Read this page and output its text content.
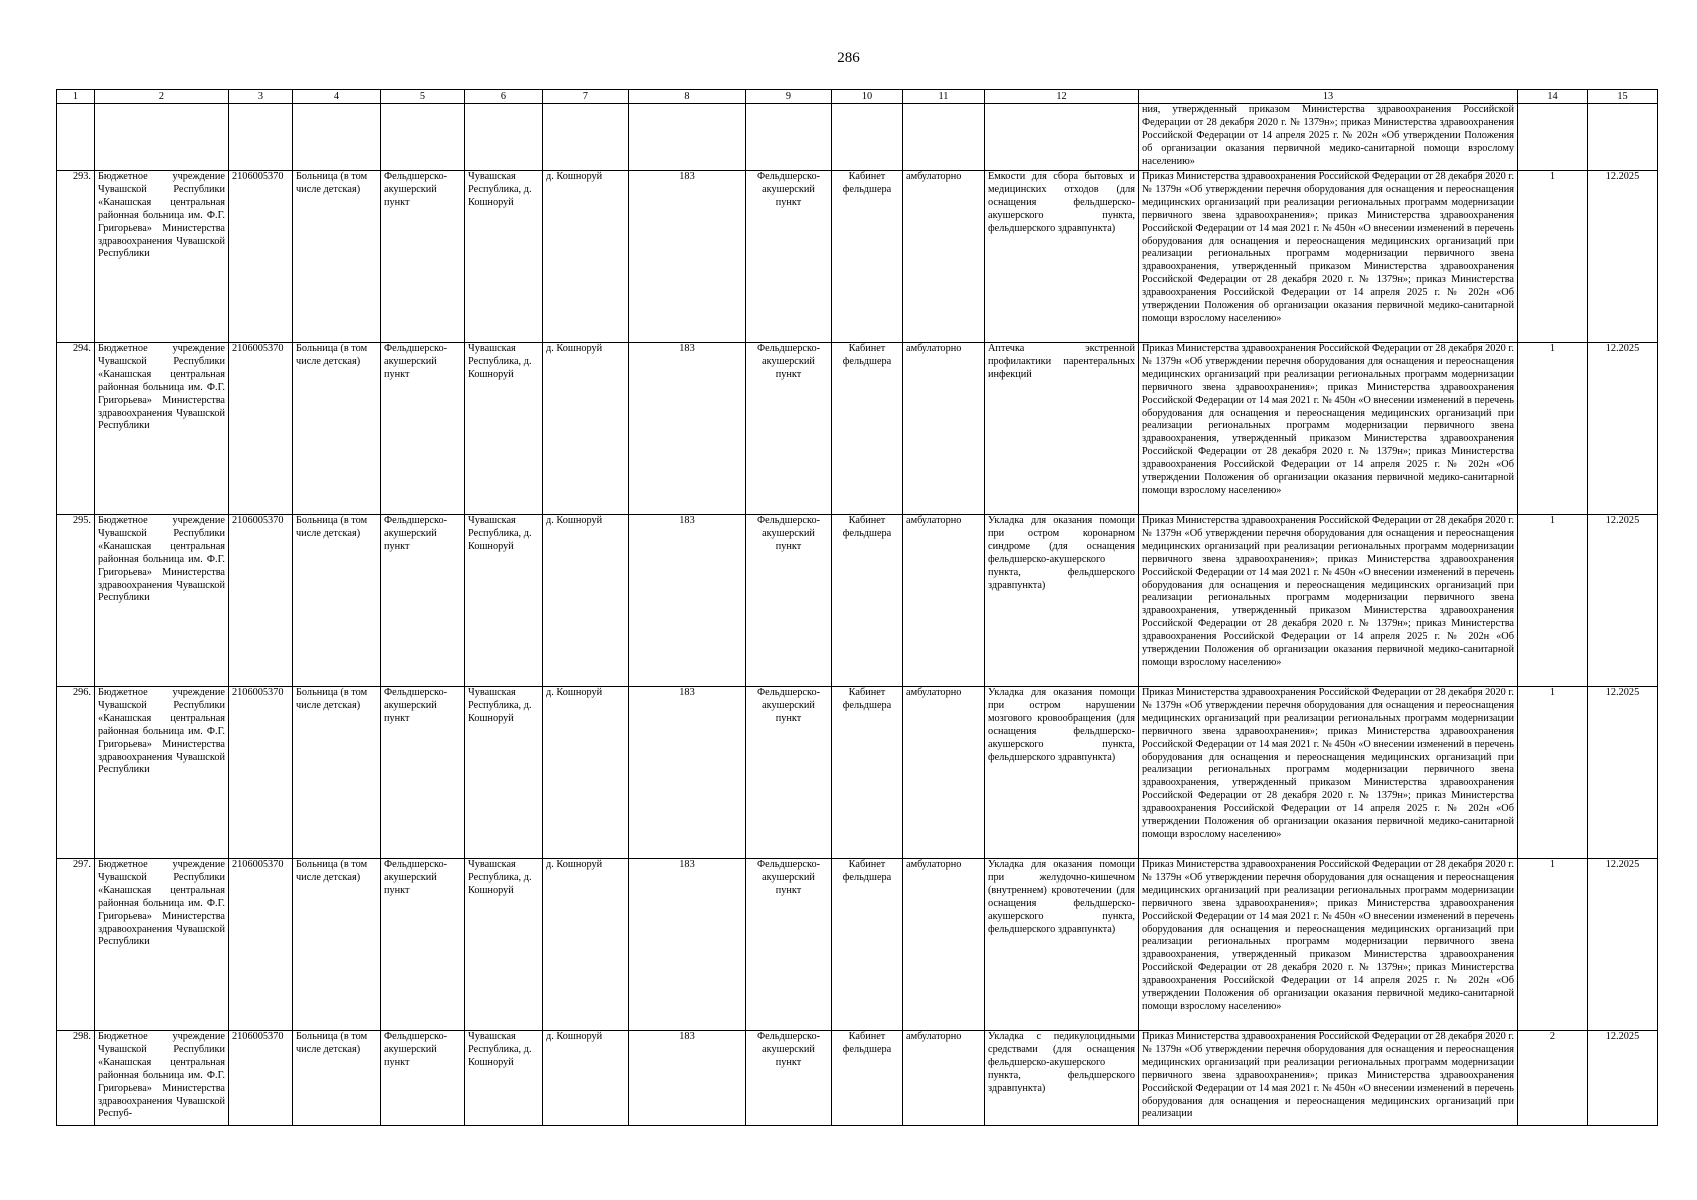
286
1	2	3	4	5	6	7	8	9	10	11	12	13	14	15
												ния, утвержденный приказом Министерства здравоохранения Российской Федерации от 28 декабря 2020 г. № 1379н»; приказ Министерства здравоохранения Российской Федерации от 14 апреля 2025 г. № 202н «Об утверждении Положения об организации оказания первичной медико-санитарной помощи взрослому населению»		
293.	Бюджетное учреждение Чувашской Республики «Канашская центральная районная больница им. Ф.Г. Григорьева» Министерства здравоохранения Чувашской Республики	2106005370	Больница (в том числе детская)	Фельдшерско-акушерский пункт	Чувашская Республика, д. Кошноруй	д. Кошноруй	183	Фельдшерско-акушерский пункт	Кабинет фельдшера	амбулаторно	Емкости для сбора бытовых и медицинских отходов (для оснащения фельдшерско-акушерского пункта, фельдшерского здравпункта)	Приказ Министерства здравоохранения Российской Федерации от 28 декабря 2020 г. № 1379н «Об утверждении перечня оборудования для оснащения и переоснащения медицинских организаций при реализации региональных программ модернизации первичного звена здравоохранения»; приказ Министерства здравоохранения Российской Федерации от 14 мая 2021 г. № 450н «О внесении изменений в перечень оборудования для оснащения и переоснащения медицинских организаций при реализации региональных программ модернизации первичного звена здравоохранения, утвержденный приказом Министерства здравоохранения Российской Федерации от 28 декабря 2020 г. № 1379н»; приказ Министерства здравоохранения Российской Федерации от 14 апреля 2025 г. № 202н «Об утверждении Положения об организации оказания первичной медико-санитарной помощи взрослому населению»	1	12.2025
294.	Бюджетное учреждение Чувашской Республики «Канашская центральная районная больница им. Ф.Г. Григорьева» Министерства здравоохранения Чувашской Республики	2106005370	Больница (в том числе детская)	Фельдшерско-акушерский пункт	Чувашская Республика, д. Кошноруй	д. Кошноруй	183	Фельдшерско-акушерский пункт	Кабинет фельдшера	амбулаторно	Аптечка экстренной профилактики парентеральных инфекций	Приказ Министерства здравоохранения Российской Федерации от 28 декабря 2020 г. № 1379н «Об утверждении перечня оборудования для оснащения и переоснащения медицинских организаций при реализации региональных программ модернизации первичного звена здравоохранения»; приказ Министерства здравоохранения Российской Федерации от 14 мая 2021 г. № 450н «О внесении изменений в перечень оборудования для оснащения и переоснащения медицинских организаций при реализации региональных программ модернизации первичного звена здравоохранения, утвержденный приказом Министерства здравоохранения Российской Федерации от 28 декабря 2020 г. № 1379н»; приказ Министерства здравоохранения Российской Федерации от 14 апреля 2025 г. № 202н «Об утверждении Положения об организации оказания первичной медико-санитарной помощи взрослому населению»	1	12.2025
295.	Бюджетное учреждение Чувашской Республики «Канашская центральная районная больница им. Ф.Г. Григорьева» Министерства здравоохранения Чувашской Республики	2106005370	Больница (в том числе детская)	Фельдшерско-акушерский пункт	Чувашская Республика, д. Кошноруй	д. Кошноруй	183	Фельдшерско-акушерский пункт	Кабинет фельдшера	амбулаторно	Укладка для оказания помощи при остром коронарном синдроме (для оснащения фельдшерско-акушерского пункта, фельдшерского здравпункта)	Приказ Министерства здравоохранения Российской Федерации от 28 декабря 2020 г. № 1379н «Об утверждении перечня оборудования для оснащения и переоснащения медицинских организаций при реализации региональных программ модернизации первичного звена здравоохранения»; приказ Министерства здравоохранения Российской Федерации от 14 мая 2021 г. № 450н «О внесении изменений в перечень оборудования для оснащения и переоснащения медицинских организаций при реализации региональных программ модернизации первичного звена здравоохранения, утвержденный приказом Министерства здравоохранения Российской Федерации от 28 декабря 2020 г. № 1379н»; приказ Министерства здравоохранения Российской Федерации от 14 апреля 2025 г. № 202н «Об утверждении Положения об организации оказания первичной медико-санитарной помощи взрослому населению»	1	12.2025
296.	Бюджетное учреждение Чувашской Республики «Канашская центральная районная больница им. Ф.Г. Григорьева» Министерства здравоохранения Чувашской Республики	2106005370	Больница (в том числе детская)	Фельдшерско-акушерский пункт	Чувашская Республика, д. Кошноруй	д. Кошноруй	183	Фельдшерско-акушерский пункт	Кабинет фельдшера	амбулаторно	Укладка для оказания помощи при остром нарушении мозгового кровообращения (для оснащения фельдшерско-акушерского пункта, фельдшерского здравпункта)	Приказ Министерства здравоохранения Российской Федерации от 28 декабря 2020 г. № 1379н «Об утверждении перечня оборудования для оснащения и переоснащения медицинских организаций при реализации региональных программ модернизации первичного звена здравоохранения»; приказ Министерства здравоохранения Российской Федерации от 14 мая 2021 г. № 450н «О внесении изменений в перечень оборудования для оснащения и переоснащения медицинских организаций при реализации региональных программ модернизации первичного звена здравоохранения, утвержденный приказом Министерства здравоохранения Российской Федерации от 28 декабря 2020 г. № 1379н»; приказ Министерства здравоохранения Российской Федерации от 14 апреля 2025 г. № 202н «Об утверждении Положения об организации оказания первичной медико-санитарной помощи взрослому населению»	1	12.2025
297.	Бюджетное учреждение Чувашской Республики «Канашская центральная районная больница им. Ф.Г. Григорьева» Министерства здравоохранения Чувашской Республики	2106005370	Больница (в том числе детская)	Фельдшерско-акушерский пункт	Чувашская Республика, д. Кошноруй	д. Кошноруй	183	Фельдшерско-акушерский пункт	Кабинет фельдшера	амбулаторно	Укладка для оказания помощи при желудочно-кишечном (внутреннем) кровотечении (для оснащения фельдшерско-акушерского пункта, фельдшерского здравпункта)	Приказ Министерства здравоохранения Российской Федерации от 28 декабря 2020 г. № 1379н «Об утверждении перечня оборудования для оснащения и переоснащения медицинских организаций при реализации региональных программ модернизации первичного звена здравоохранения»; приказ Министерства здравоохранения Российской Федерации от 14 мая 2021 г. № 450н «О внесении изменений в перечень оборудования для оснащения и переоснащения медицинских организаций при реализации региональных программ модернизации первичного звена здравоохранения, утвержденный приказом Министерства здравоохранения Российской Федерации от 28 декабря 2020 г. № 1379н»; приказ Министерства здравоохранения Российской Федерации от 14 апреля 2025 г. № 202н «Об утверждении Положения об организации оказания первичной медико-санитарной помощи взрослому населению»	1	12.2025
298.	Бюджетное учреждение Чувашской Республики «Канашская центральная районная больница им. Ф.Г. Григорьева» Министерства здравоохранения Чувашской Респуб-	2106005370	Больница (в том числе детская)	Фельдшерско-акушерский пункт	Чувашская Республика, д. Кошноруй	д. Кошноруй	183	Фельдшерско-акушерский пункт	Кабинет фельдшера	амбулаторно	Укладка с педикулоцидными средствами (для оснащения фельдшерско-акушерского пункта, фельдшерского здравпункта)	Приказ Министерства здравоохранения Российской Федерации от 28 декабря 2020 г. № 1379н «Об утверждении перечня оборудования для оснащения и переоснащения медицинских организаций при реализации региональных программ модернизации первичного звена здравоохранения»; приказ Министерства здравоохранения Российской Федерации от 14 мая 2021 г. № 450н «О внесении изменений в перечень оборудования для оснащения и переоснащения медицинских организаций при реализации	2	12.2025
